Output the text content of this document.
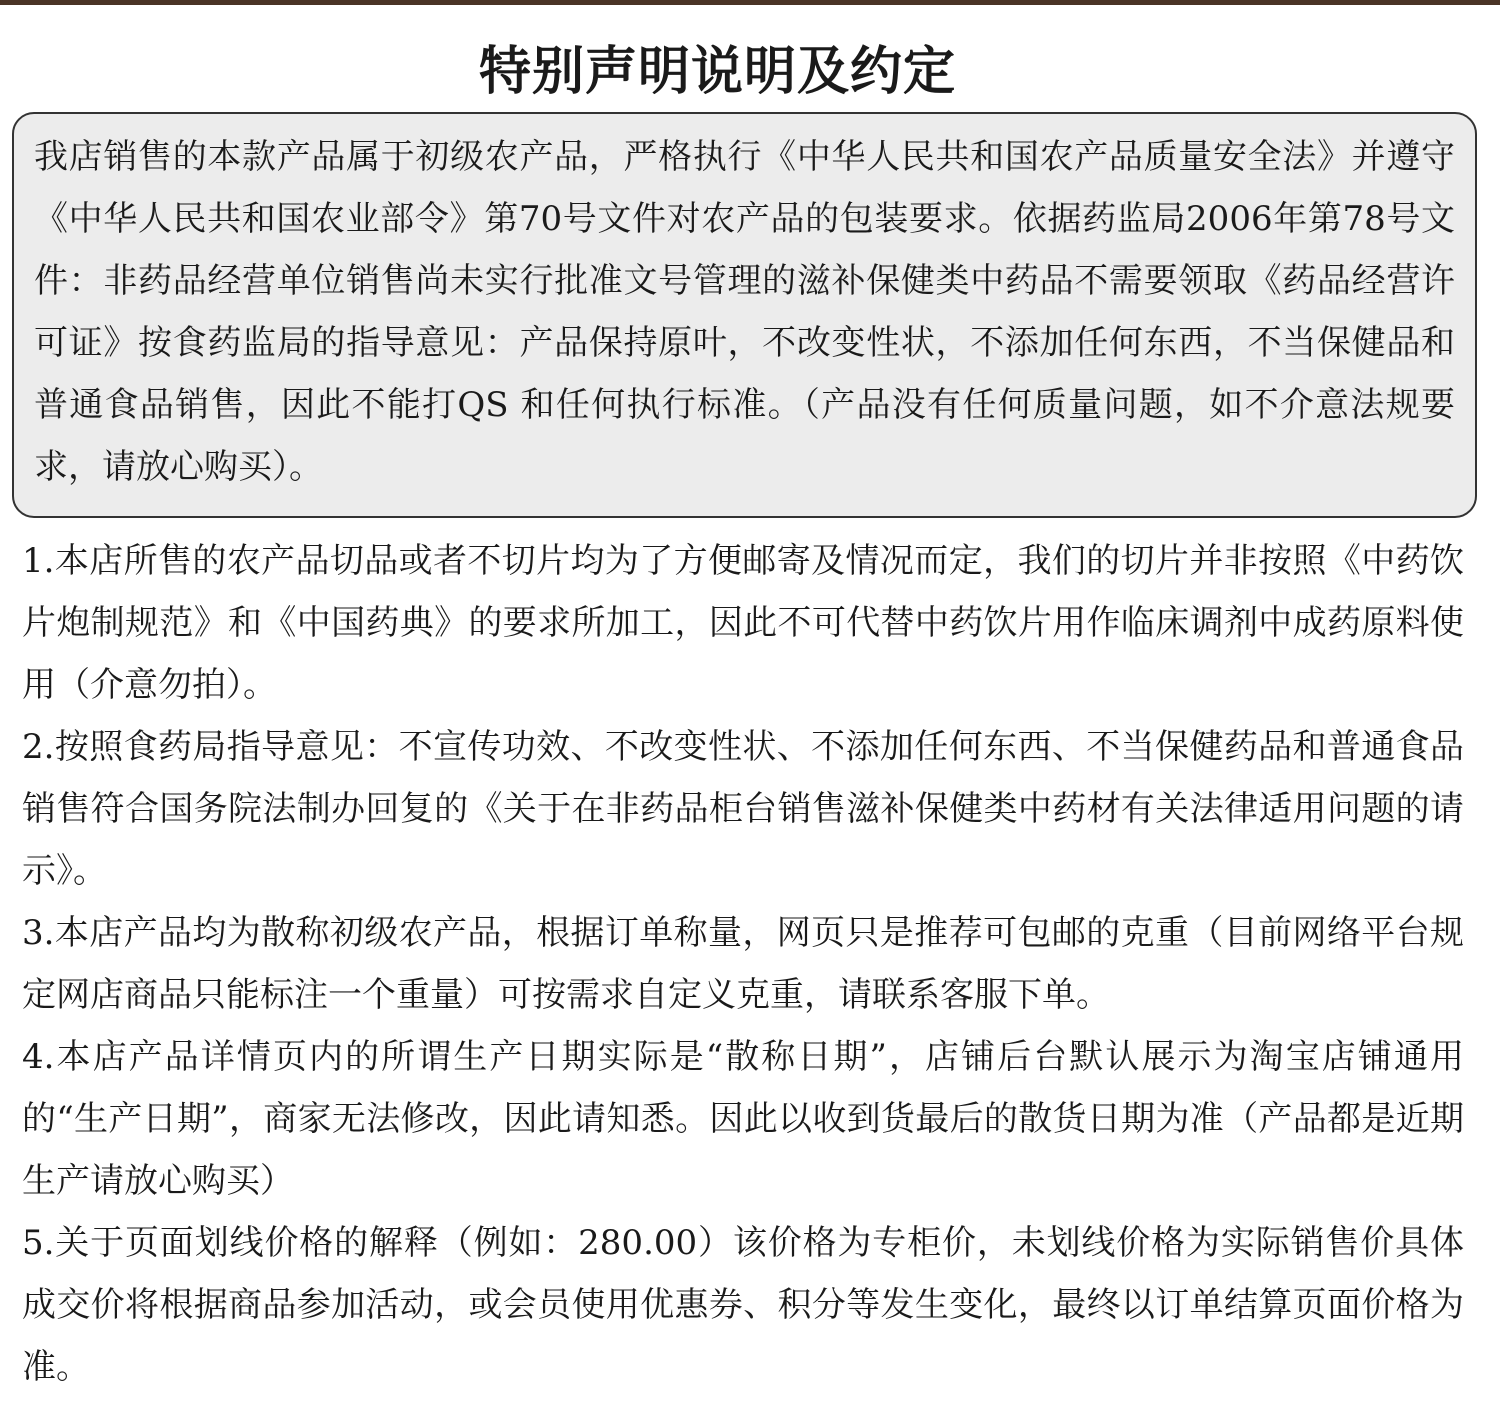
特别声明说明及约定

我店销售的本款产品属于初级农产品，严格执行《中华人民共和国农产品质量安全法》并遵守《中华人民共和国农业部令》第70号文件对农产品的包装要求。依据药监局2006年第78号文件：非药品经营单位销售尚未实行批准文号管理的滋补保健类中药品不需要领取《药品经营许可证》按食药监局的指导意见：产品保持原叶，不改变性状，不添加任何东西，不当保健品和普通食品销售，因此不能打QS 和任何执行标准。（产品没有任何质量问题，如不介意法规要求，请放心购买）。

1.本店所售的农产品切品或者不切片均为了方便邮寄及情况而定，我们的切片并非按照《中药饮片炮制规范》和《中国药典》的要求所加工，因此不可代替中药饮片用作临床调剂中成药原料使用（介意勿拍）。

2.按照食药局指导意见：不宣传功效、不改变性状、不添加任何东西、不当保健药品和普通食品销售符合国务院法制办回复的《关于在非药品柜台销售滋补保健类中药材有关法律适用问题的请示》。

3.本店产品均为散称初级农产品，根据订单称量，网页只是推荐可包邮的克重（目前网络平台规定网店商品只能标注一个重量）可按需求自定义克重，请联系客服下单。

4.本店产品详情页内的所谓生产日期实际是“散称日期”，店铺后台默认展示为淘宝店铺通用的“生产日期”，商家无法修改，因此请知悉。因此以收到货最后的散货日期为准（产品都是近期生产请放心购买）

5.关于页面划线价格的解释（例如：280.00）该价格为专柜价，未划线价格为实际销售价具体成交价将根据商品参加活动，或会员使用优惠券、积分等发生变化，最终以订单结算页面价格为准。
